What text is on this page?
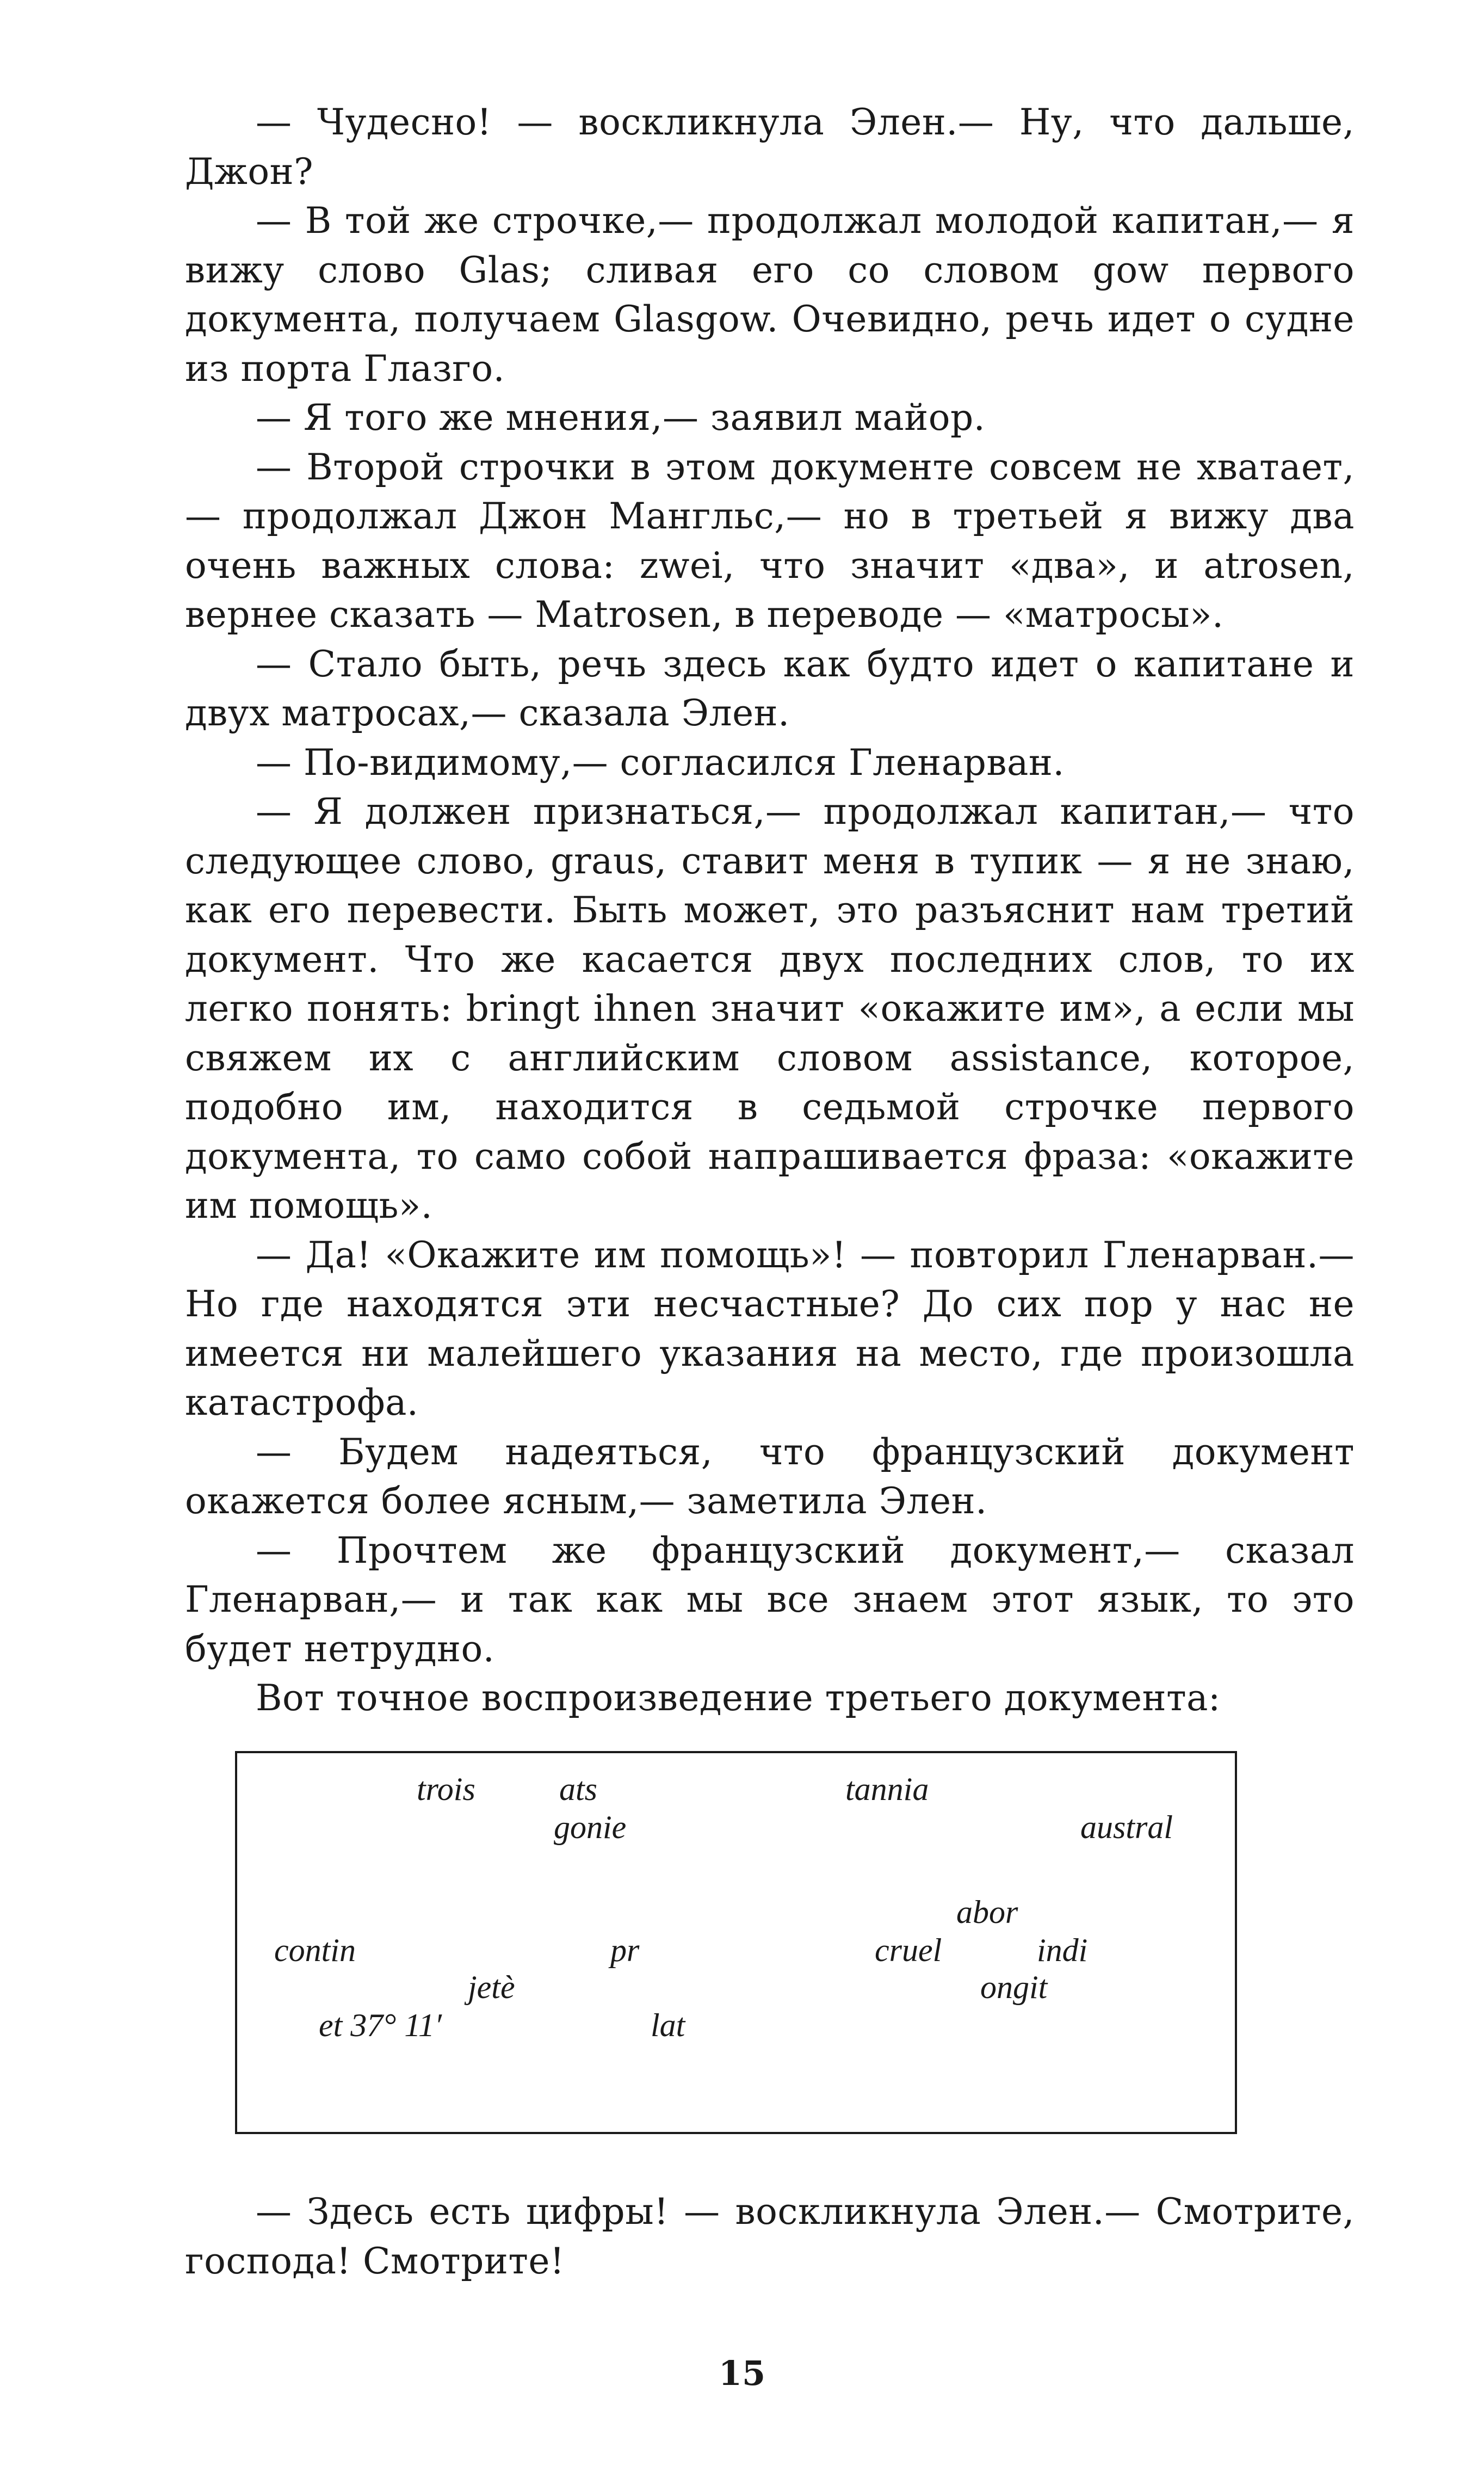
— Чудесно! — воскликнула Элен.— Ну, что дальше, Джон?

— В той же строчке,— продолжал молодой капитан,— я вижу слово Glas; сливая его со словом gow первого документа, получаем Glasgow. Очевидно, речь идет о судне из порта Глазго.

— Я того же мнения,— заявил майор.

— Второй строчки в этом документе совсем не хватает,— продолжал Джон Мангльс,— но в третьей я вижу два очень важных слова: zwei, что значит «два», и atrosen, вернее сказать — Matrosen, в переводе — «матросы».

— Стало быть, речь здесь как будто идет о капитане и двух матросах,— сказала Элен.

— По-видимому,— согласился Гленарван.

— Я должен признаться,— продолжал капитан,— что следующее слово, graus, ставит меня в тупик — я не знаю, как его перевести. Быть может, это разъяснит нам третий документ. Что же касается двух последних слов, то их легко понять: bringt ihnen значит «окажите им», а если мы свяжем их с английским словом assistance, которое, подобно им, находится в седьмой строчке первого документа, то само собой напрашивается фраза: «окажите им помощь».

— Да! «Окажите им помощь»! — повторил Гленарван.— Но где находятся эти несчастные? До сих пор у нас не имеется ни малейшего указания на место, где произошла катастрофа.

— Будем надеяться, что французский документ окажется более ясным,— заметила Элен.

— Прочтем же французский документ,— сказал Гленарван,— и так как мы все знаем этот язык, то это будет нетрудно.

Вот точное воспроизведение третьего документа:

trois	ats	tannia
gonie	austral
abor
contin	pr	cruel	indi
jetè	ongit
et 37° 11′	lat

— Здесь есть цифры! — воскликнула Элен.— Смотрите, господа! Смотрите!

15
